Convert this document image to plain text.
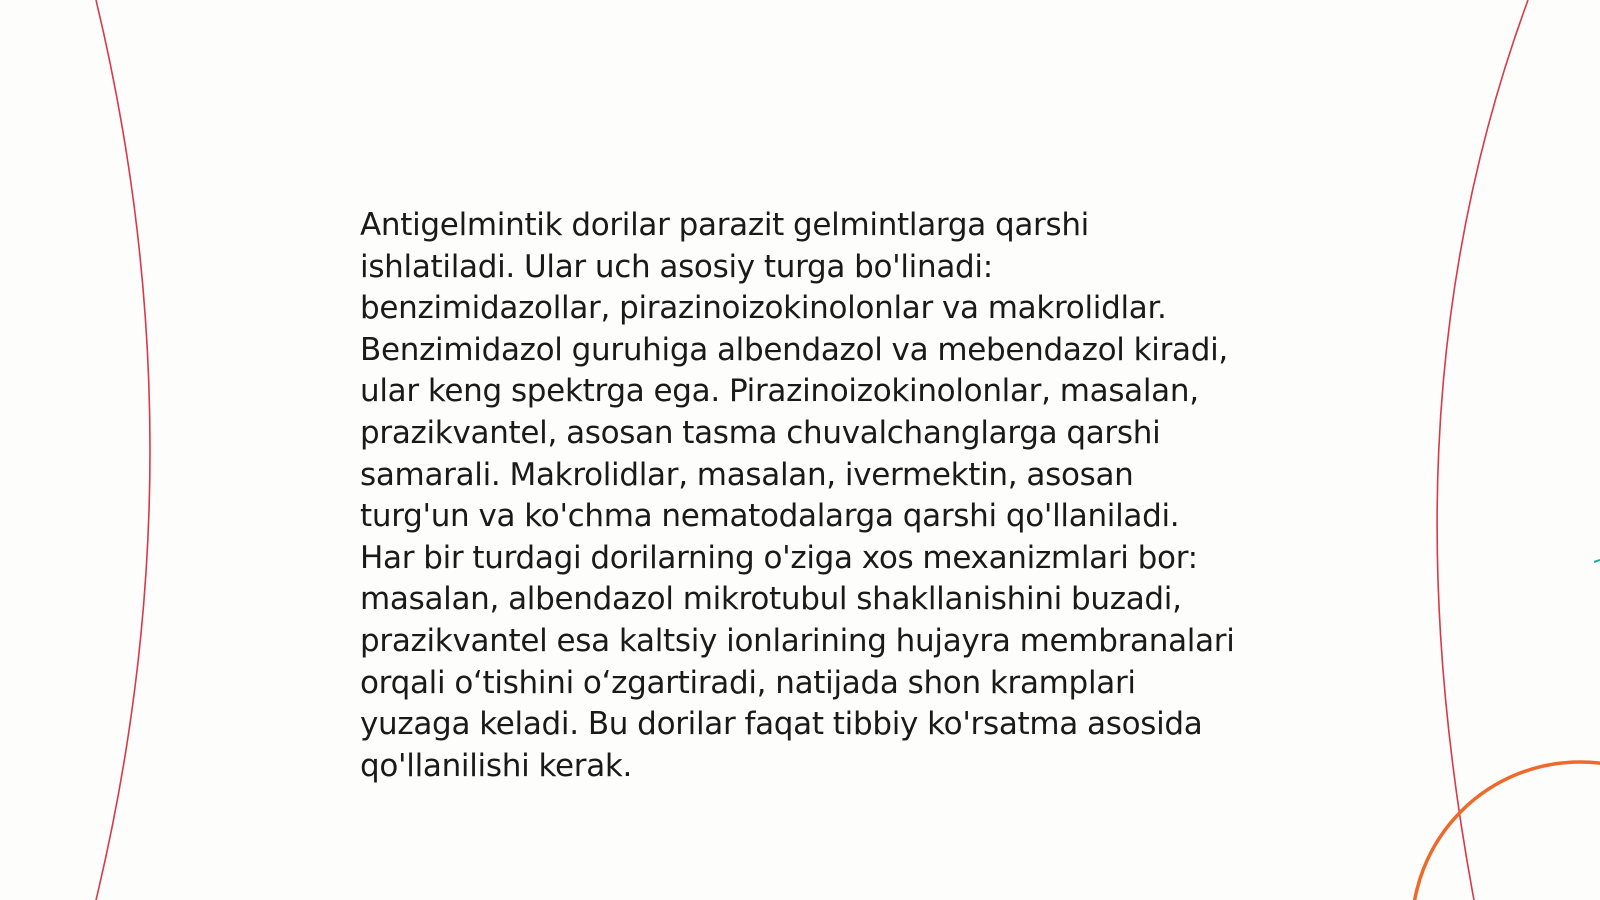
Antigelmintik dorilar parazit gelmintlarga qarshi ishlatiladi. Ular uch asosiy turga bo'linadi: benzimidazollar, pirazinoizokinolonlar va makrolidlar. Benzimidazol guruhiga albendazol va mebendazol kiradi, ular keng spektrga ega. Pirazinoizokinolonlar, masalan, prazikvantel, asosan tasma chuvalchanglarga qarshi samarali. Makrolidlar, masalan, ivermektin, asosan turg'un va ko'chma nematodalarga qarshi qo'llaniladi. Har bir turdagi dorilarning o'ziga xos mexanizmlari bor: masalan, albendazol mikrotubul shakllanishini buzadi, prazikvantel esa kaltsiy ionlarining hujayra membranalari orqali oʻtishini oʻzgartiradi, natijada shon kramplari yuzaga keladi. Bu dorilar faqat tibbiy ko'rsatma asosida qo'llanilishi kerak.
